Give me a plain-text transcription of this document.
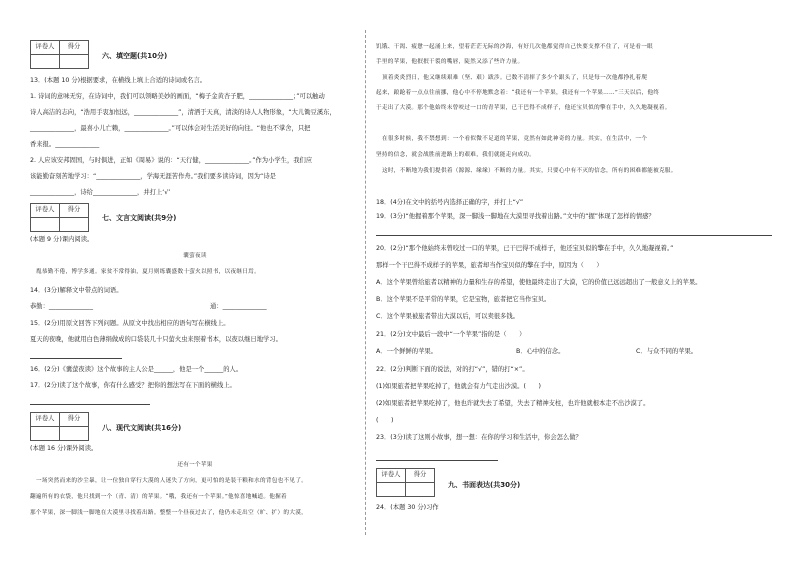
评卷人	得分

六、填空题(共10分)
13．(本题 10 分)根据要求，在横线上填上合适的诗词或名言。
1. 诗词的意味无穷，在诗词中，我们可以领略美妙的画面，“梅子金黄杏子肥，______________；”可以触动
诗人高洁的志向，“浩用手衷加恒远，______________”，清洒于天真，清淡的诗人人物形象，“大儿锄豆溪东，
______________，最喜小儿亡赖，______________。”可以体会对生活美好的向往。“他也不掌舍，只把
香来报。______________
2. 人应该安邦固国，与时俱进，正如《周易》说的：“天行健，______________。”作为小学生，我们应
该能勤奋刻苦地学习：“______________，学海无涯苦作舟。”我们要多读诗词，因为“诗是
______________，诗给______________，并打上‘√’
评卷人	得分

七、文言文阅读(共9分)
(本题 9 分)课内阅读。
囊萤夜读
胤恭勤不倦，博学多通。家贫不常得油，夏月则练囊盛数十萤火以照书，以夜继日焉。
14．(3分)解释文中带点的词语。
恭勤：______________	通：______________
15．(2分)用原文回答下列问题。从原文中找出相应的语句写在横线上。
夏天的夜晚，他就用白色薄绢做成的口袋装几十只萤火虫来照着书本，以夜以继日地学习。
16．(2分)《囊萤夜读》这个故事的主人公是______，他是一个______的人。
17．(2分)读了这个故事，你有什么感受？把你的想法写在下面的横线上。
评卷人	得分

八、现代文阅读(共16分)
(本题 16 分)课外阅读。
还有一个苹果
一场突然而来的沙尘暴，让一位独自穿行大漠的人迷失了方向，更可怕的是装干粮和水的背包也不见了。
翻遍所有的衣袋，他只找到一个（青、清）的苹果。“哦，我还有一个苹果。”他惊喜地喊道。他握着
那个苹果，深一脚浅一脚地在大漠里寻找着出路。整整一个昼夜过去了，他仍未走出空（旷、扩）的大漠，
饥饿、干渴、疲惫一起涌上来，望着茫茫无际的沙海，有好几次他都觉得自己快要支撑不住了，可是看一眼
手里的苹果，他抿抿干裂的嘴唇，陡然又添了些许力量。
顶着炎炎烈日，他又继续艰难（坚、艰）跋涉。已数不清摔了多少个跟头了，只是每一次他都挣扎着爬
起来，踉跄着一点点往前挪，他心中不停地默念着：“我还有一个苹果，我还有一个苹果……”三天以后，他终
于走出了大漠。那个他始终未曾咬过一口的青苹果，已干巴得不成样子，他还宝贝似的擎在手中，久久地凝视着。
在很多时候，我不禁想到：一个看似微不足道的苹果，竟然有如此神奇的力量。其实，在生活中，一个
坚持的信念，就会战胜前进路上的艰难，我们就能走向成功。
这时，不断地为我们提供着（源源、缘缘）不断的力量。其实，只要心中有不灭的信念，所有的困难都能被克服。
18．(4分)在文中的括号内选择正确的字，并打上“√”
19．(3分)“他握着那个苹果，深一脚浅一脚地在大漠里寻找着出路。”文中的“握”体现了怎样的情感？
20．(2分)“那个他始终未曾咬过一口的苹果，已干巴得不成样子，他还宝贝似的擎在手中，久久地凝视着。”
那样一个干巴得不成样子的苹果，旅者却当作宝贝似的擎在手中，原因为（　　）
A．这个苹果曾给旅者以精神的力量和生存的希望，使他最终走出了大漠，它的价值已远远超出了一般意义上的苹果。
B．这个苹果不是平常的苹果，它是宝物，旅者把它当作宝贝。
C．这个苹果被旅者带出大漠以后，可以卖很多钱。
21．(2分)文中最后一段中“一个苹果”指的是（　　）
A．一个鲜鲜的苹果。	B．心中的信念。	C．与众不同的苹果。
22．(2分)判断下面的说法，对的打“√”，错的打“×”。
(1)如果旅者把苹果吃掉了，他就会有力气走出沙漠。(　　)
(2)如果旅者把苹果吃掉了，他也许就失去了希望，失去了精神支柱，也许他就根本走不出沙漠了。
(　　)
23．(3分)读了这则小故事，想一想：在你的学习和生活中，你会怎么做？
评卷人	得分

九、书面表达(共30分)
24．(本题 30 分)习作
